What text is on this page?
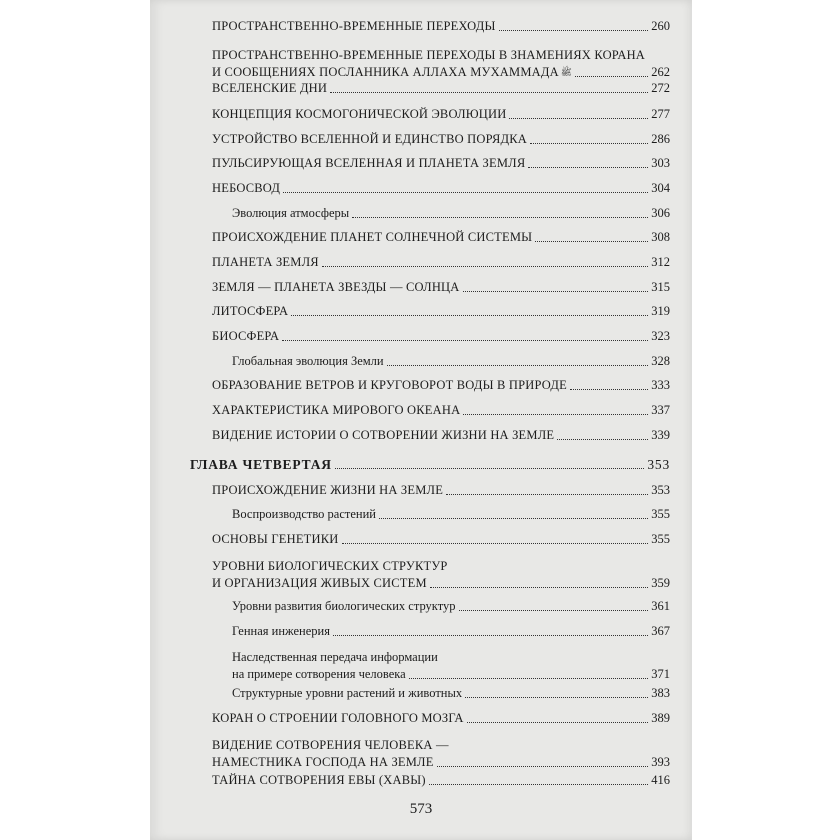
ПРОСТРАНСТВЕННО-ВРЕМЕННЫЕ ПЕРЕХОДЫ	260
ПРОСТРАНСТВЕННО-ВРЕМЕННЫЕ ПЕРЕХОДЫ В ЗНАМЕНИЯХ КОРАНА
И СООБЩЕНИЯХ ПОСЛАННИКА АЛЛАХА МУХАММАДА ﷺ	262
ВСЕЛЕНСКИЕ ДНИ	272
КОНЦЕПЦИЯ КОСМОГОНИЧЕСКОЙ ЭВОЛЮЦИИ	277
УСТРОЙСТВО ВСЕЛЕННОЙ И ЕДИНСТВО ПОРЯДКА	286
ПУЛЬСИРУЮЩАЯ ВСЕЛЕННАЯ И ПЛАНЕТА ЗЕМЛЯ	303
НЕБОСВОД	304
Эволюция атмосферы	306
ПРОИСХОЖДЕНИЕ ПЛАНЕТ СОЛНЕЧНОЙ СИСТЕМЫ	308
ПЛАНЕТА ЗЕМЛЯ	312
ЗЕМЛЯ — ПЛАНЕТА ЗВЕЗДЫ — СОЛНЦА	315
ЛИТОСФЕРА	319
БИОСФЕРА	323
Глобальная эволюция Земли	328
ОБРАЗОВАНИЕ ВЕТРОВ И КРУГОВОРОТ ВОДЫ В ПРИРОДЕ	333
ХАРАКТЕРИСТИКА МИРОВОГО ОКЕАНА	337
ВИДЕНИЕ ИСТОРИИ О СОТВОРЕНИИ ЖИЗНИ НА ЗЕМЛЕ	339
ГЛАВА ЧЕТВЕРТАЯ	353
ПРОИСХОЖДЕНИЕ ЖИЗНИ НА ЗЕМЛЕ	353
Воспроизводство растений	355
ОСНОВЫ ГЕНЕТИКИ	355
УРОВНИ БИОЛОГИЧЕСКИХ СТРУКТУР
И ОРГАНИЗАЦИЯ ЖИВЫХ СИСТЕМ	359
Уровни развития биологических структур	361
Генная инженерия	367
Наследственная передача информации
на примере сотворения человека	371
Структурные уровни растений и животных	383
КОРАН О СТРОЕНИИ ГОЛОВНОГО МОЗГА	389
ВИДЕНИЕ СОТВОРЕНИЯ ЧЕЛОВЕКА —
НАМЕСТНИКА ГОСПОДА НА ЗЕМЛЕ	393
ТАЙНА СОТВОРЕНИЯ ЕВЫ (ХАВЫ)	416
573
